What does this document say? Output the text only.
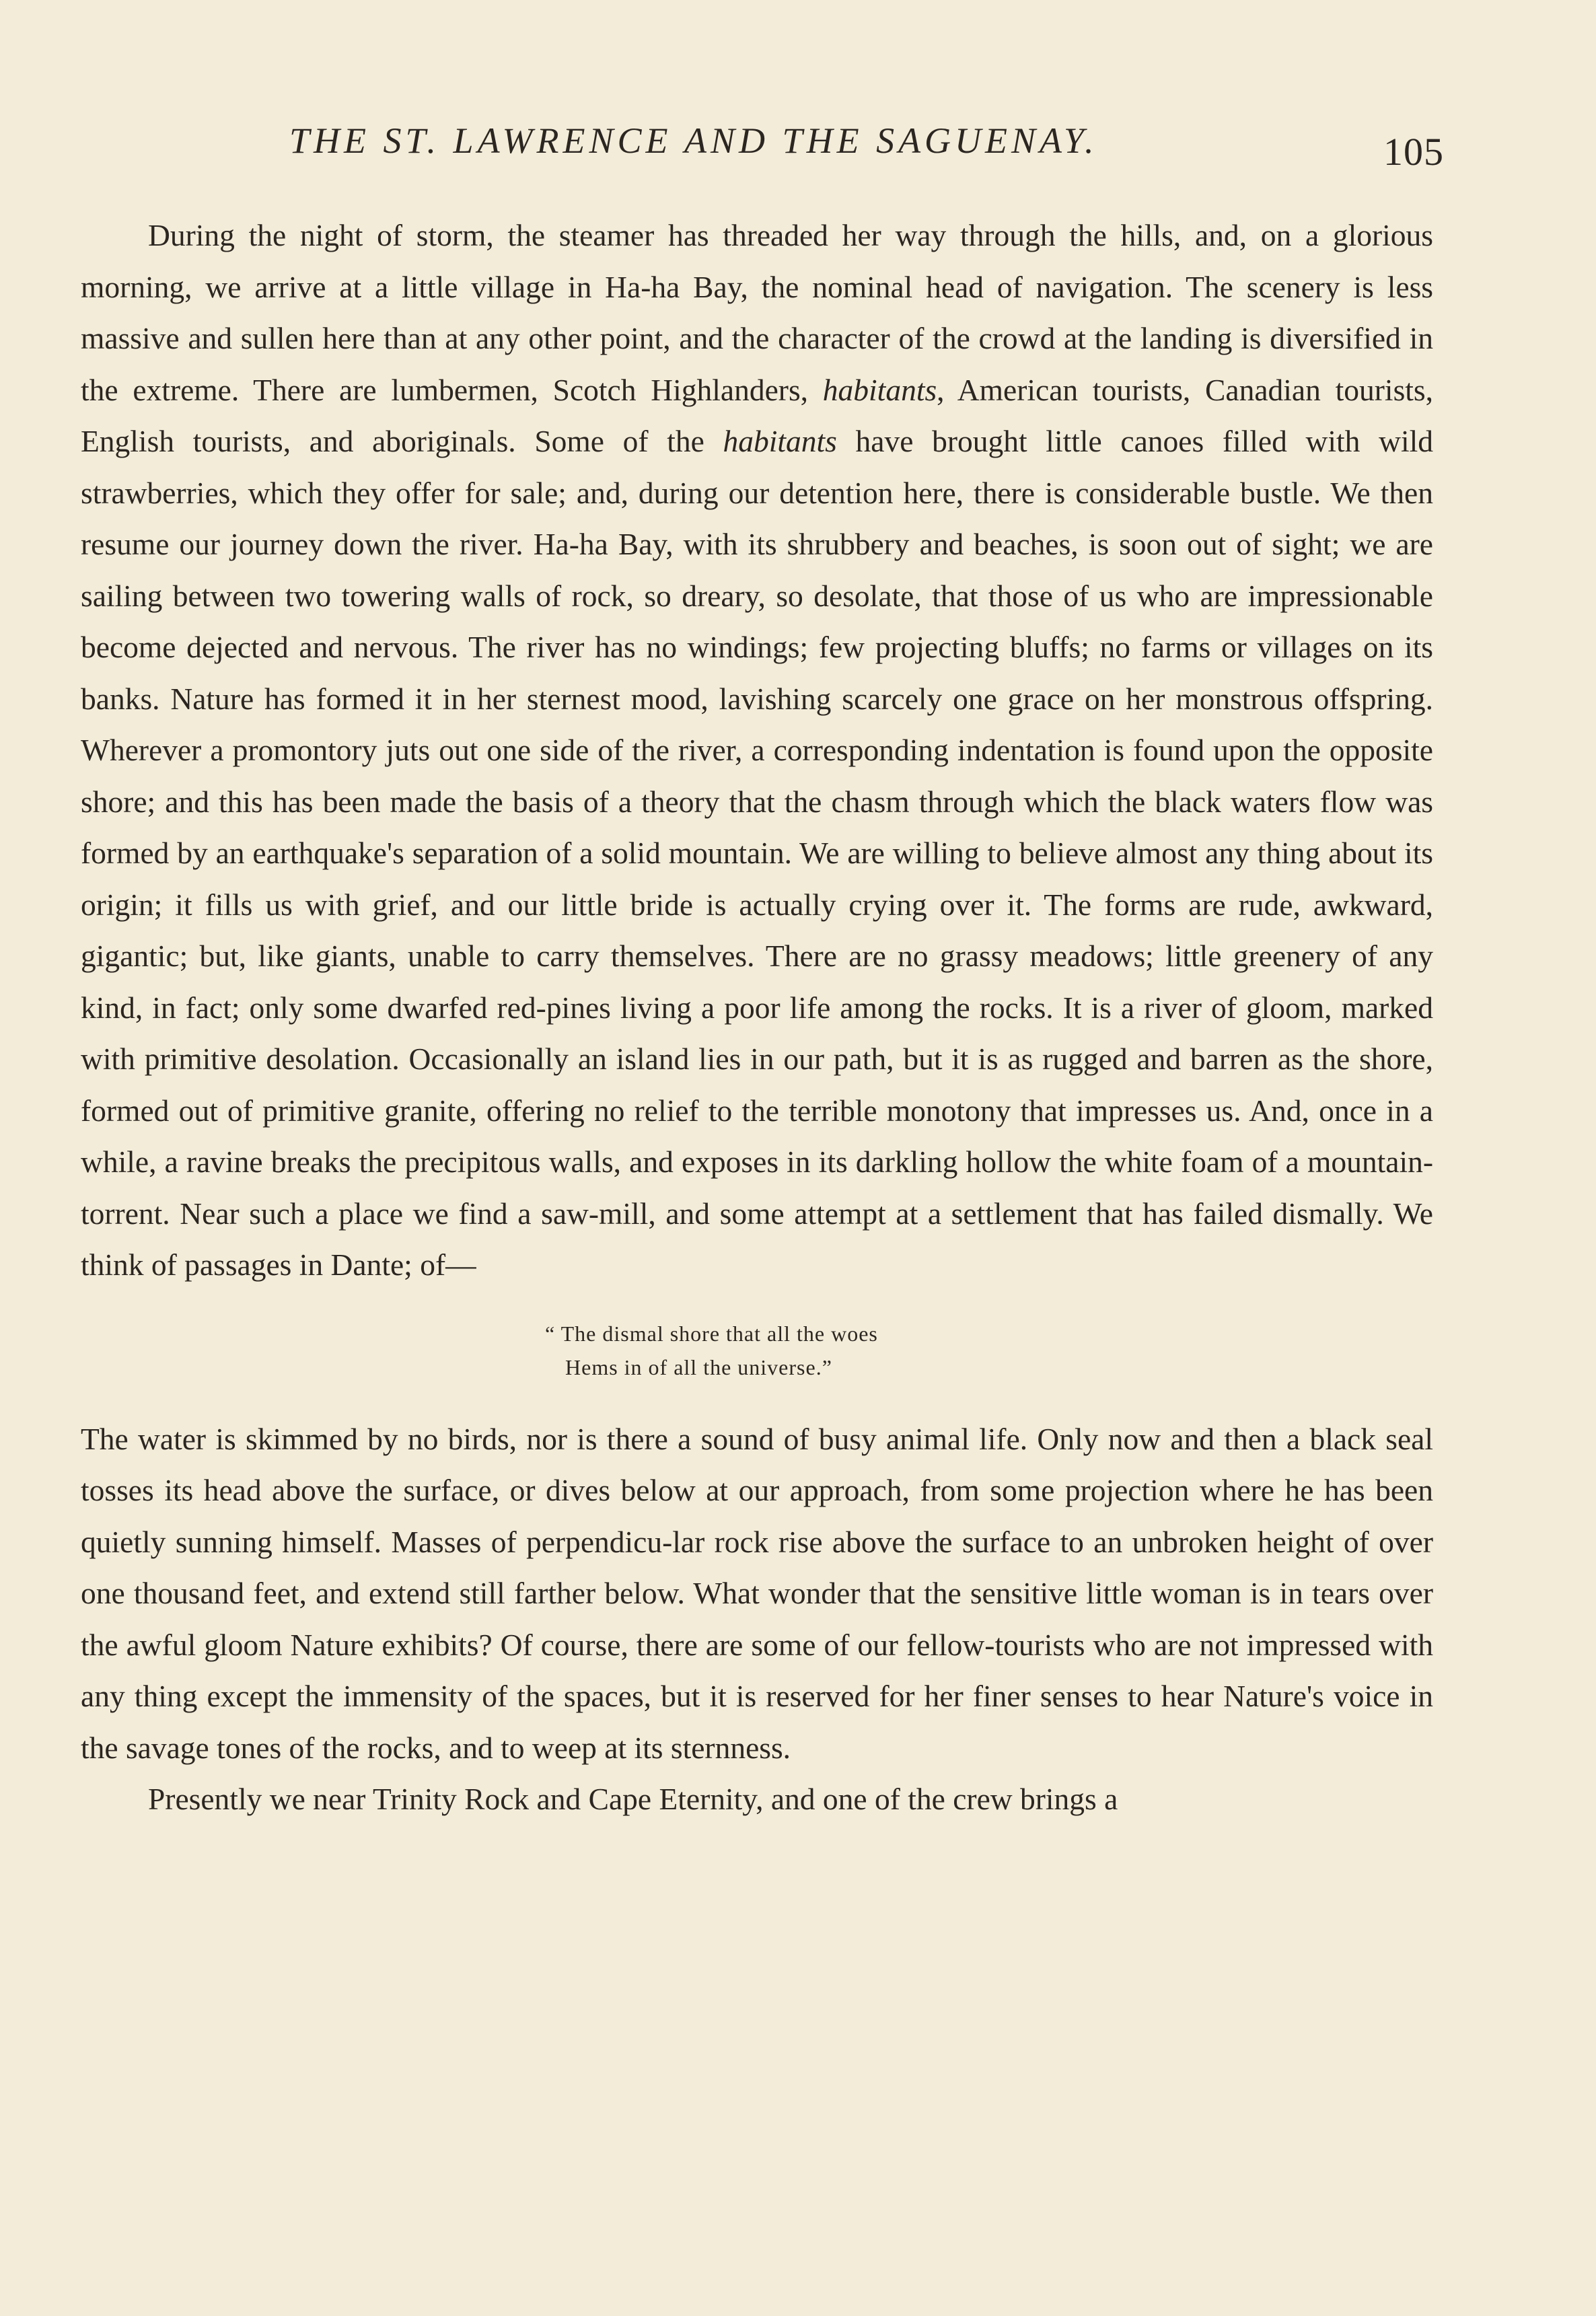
THE ST. LAWRENCE AND THE SAGUENAY.	105

During the night of storm, the steamer has threaded her way through the hills, and, on a glorious morning, we arrive at a little village in Ha-ha Bay, the nominal head of navigation. The scenery is less massive and sullen here than at any other point, and the character of the crowd at the landing is diversified in the extreme. There are lumbermen, Scotch Highlanders, habitants, American tourists, Canadian tourists, English tourists, and aboriginals. Some of the habitants have brought little canoes filled with wild strawberries, which they offer for sale; and, during our detention here, there is considerable bustle. We then resume our journey down the river. Ha-ha Bay, with its shrubbery and beaches, is soon out of sight; we are sailing between two towering walls of rock, so dreary, so desolate, that those of us who are impressionable become dejected and nervous. The river has no windings; few projecting bluffs; no farms or villages on its banks. Nature has formed it in her sternest mood, lavishing scarcely one grace on her monstrous offspring. Wherever a promontory juts out one side of the river, a corresponding indentation is found upon the opposite shore; and this has been made the basis of a theory that the chasm through which the black waters flow was formed by an earthquake's separation of a solid mountain. We are willing to believe almost any thing about its origin; it fills us with grief, and our little bride is actually crying over it. The forms are rude, awkward, gigantic; but, like giants, unable to carry themselves. There are no grassy meadows; little greenery of any kind, in fact; only some dwarfed red-pines living a poor life among the rocks. It is a river of gloom, marked with primitive desolation. Occasionally an island lies in our path, but it is as rugged and barren as the shore, formed out of primitive granite, offering no relief to the terrible monotony that impresses us. And, once in a while, a ravine breaks the precipitous walls, and exposes in its darkling hollow the white foam of a mountain-torrent. Near such a place we find a saw-mill, and some attempt at a settlement that has failed dismally. We think of passages in Dante; of—

“ The dismal shore that all the woes
Hems in of all the universe.”

The water is skimmed by no birds, nor is there a sound of busy animal life. Only now and then a black seal tosses its head above the surface, or dives below at our approach, from some projection where he has been quietly sunning himself. Masses of perpendicu-lar rock rise above the surface to an unbroken height of over one thousand feet, and extend still farther below. What wonder that the sensitive little woman is in tears over the awful gloom Nature exhibits? Of course, there are some of our fellow-tourists who are not impressed with any thing except the immensity of the spaces, but it is reserved for her finer senses to hear Nature's voice in the savage tones of the rocks, and to weep at its sternness.

Presently we near Trinity Rock and Cape Eternity, and one of the crew brings a
